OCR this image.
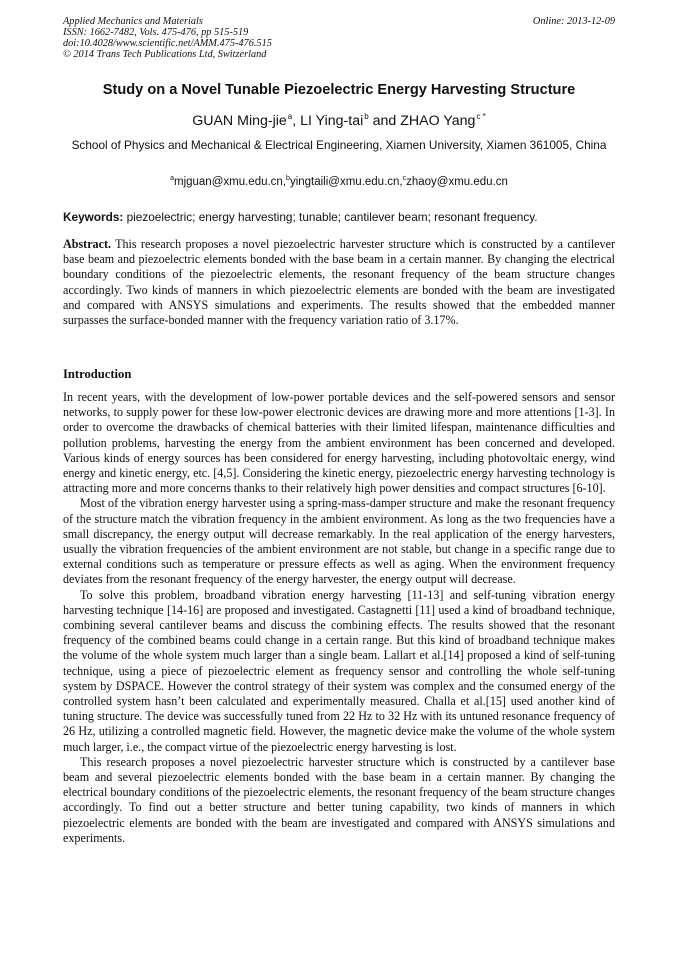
Applied Mechanics and Materials
ISSN: 1662-7482, Vols. 475-476, pp 515-519
doi:10.4028/www.scientific.net/AMM.475-476.515
© 2014 Trans Tech Publications Ltd, Switzerland
Online: 2013-12-09
Study on a Novel Tunable Piezoelectric Energy Harvesting Structure
GUAN Ming-jie$^a$, LI Ying-tai$^b$ and ZHAO Yang$^{c *}$
School of Physics and Mechanical & Electrical Engineering, Xiamen University, Xiamen 361005, China
$^a$mjguan@xmu.edu.cn,$^b$yingtaili@xmu.edu.cn,$^c$zhaoy@xmu.edu.cn
Keywords: piezoelectric; energy harvesting; tunable; cantilever beam; resonant frequency.
Abstract. This research proposes a novel piezoelectric harvester structure which is constructed by a cantilever base beam and piezoelectric elements bonded with the base beam in a certain manner. By changing the electrical boundary conditions of the piezoelectric elements, the resonant frequency of the beam structure changes accordingly. Two kinds of manners in which piezoelectric elements are bonded with the beam are investigated and compared with ANSYS simulations and experiments. The results showed that the embedded manner surpasses the surface-bonded manner with the frequency variation ratio of 3.17%.
Introduction

In recent years, with the development of low-power portable devices and the self-powered sensors and sensor networks, to supply power for these low-power electronic devices are drawing more and more attentions [1-3]. In order to overcome the drawbacks of chemical batteries with their limited lifespan, maintenance difficulties and pollution problems, harvesting the energy from the ambient environment has been concerned and developed. Various kinds of energy sources has been considered for energy harvesting, including photovoltaic energy, wind energy and kinetic energy, etc. [4,5]. Considering the kinetic energy, piezoelectric energy harvesting technology is attracting more and more concerns thanks to their relatively high power densities and compact structures [6-10].

Most of the vibration energy harvester using a spring-mass-damper structure and make the resonant frequency of the structure match the vibration frequency in the ambient environment. As long as the two frequencies have a small discrepancy, the energy output will decrease remarkably. In the real application of the energy harvesters, usually the vibration frequencies of the ambient environment are not stable, but change in a specific range due to external conditions such as temperature or pressure effects as well as aging. When the environment frequency deviates from the resonant frequency of the energy harvester, the energy output will decrease.

To solve this problem, broadband vibration energy harvesting [11-13] and self-tuning vibration energy harvesting technique [14-16] are proposed and investigated. Castagnetti [11] used a kind of broadband technique, combining several cantilever beams and discuss the combining effects. The results showed that the resonant frequency of the combined beams could change in a certain range. But this kind of broadband technique makes the volume of the whole system much larger than a single beam. Lallart et al.[14] proposed a kind of self-tuning technique, using a piece of piezoelectric element as frequency sensor and controlling the whole self-tuning system by DSPACE. However the control strategy of their system was complex and the consumed energy of the controlled system hasn’t been calculated and experimentally measured. Challa et al.[15] used another kind of tuning structure. The device was successfully tuned from 22 Hz to 32 Hz with its untuned resonance frequency of 26 Hz, utilizing a controlled magnetic field. However, the magnetic device make the volume of the whole system much larger, i.e., the compact virtue of the piezoelectric energy harvesting is lost.

This research proposes a novel piezoelectric harvester structure which is constructed by a cantilever base beam and several piezoelectric elements bonded with the base beam in a certain manner. By changing the electrical boundary conditions of the piezoelectric elements, the resonant frequency of the beam structure changes accordingly. To find out a better structure and better tuning capability, two kinds of manners in which piezoelectric elements are bonded with the beam are investigated and compared with ANSYS simulations and experiments.
